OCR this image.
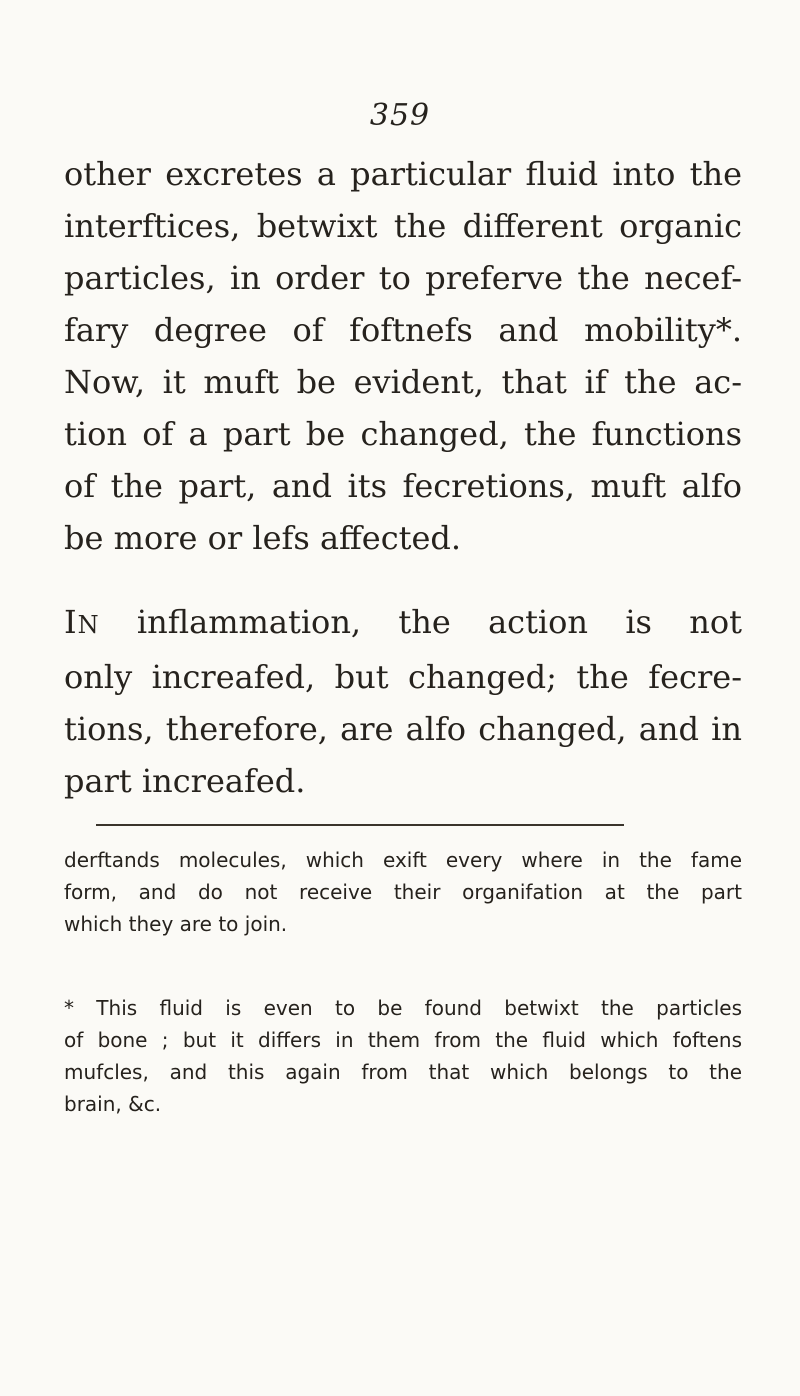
359
other excretes a particular fluid into the
interftices, betwixt the different organic
particles, in order to preferve the necef-
fary degree of foftnefs and mobility*.
Now, it muft be evident, that if the ac-
tion of a part be changed, the functions
of the part, and its fecretions, muft alfo
be more or lefs affected.
IN inflammation, the action is not
only increafed, but changed; the fecre-
tions, therefore, are alfo changed, and in
part increafed.
derftands molecules, which exift every where in the fame
form, and do not receive their organifation at the part
which they are to join.
* This fluid is even to be found betwixt the particles
of bone ; but it differs in them from the fluid which foftens
mufcles, and this again from that which belongs to the
brain, &c.
